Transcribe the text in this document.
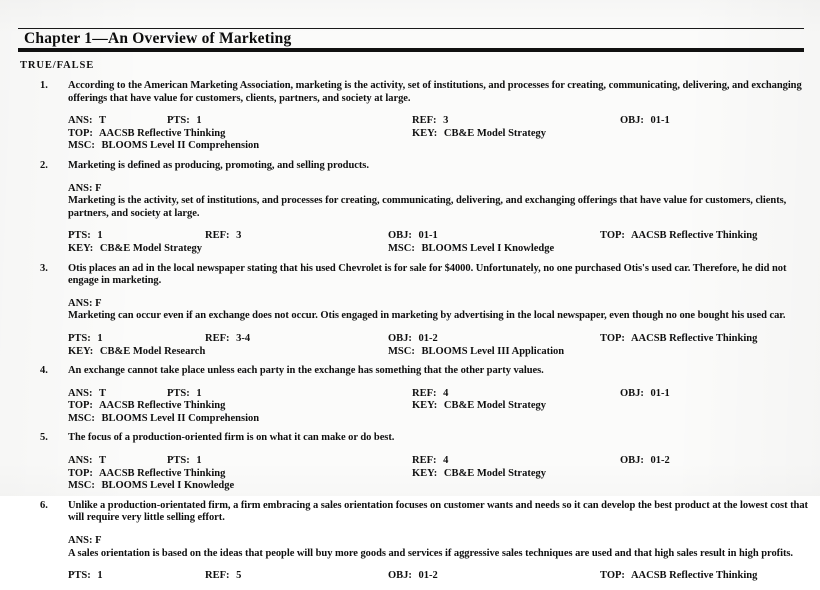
Chapter 1—An Overview of Marketing
TRUE/FALSE
1. According to the American Marketing Association, marketing is the activity, set of institutions, and processes for creating, communicating, delivering, and exchanging offerings that have value for customers, clients, partners, and society at large.
ANS: T	PTS: 1	REF: 3	OBJ: 01-1
TOP: AACSB Reflective Thinking	KEY: CB&E Model Strategy
MSC: BLOOMS Level II Comprehension
2. Marketing is defined as producing, promoting, and selling products.
ANS: F
Marketing is the activity, set of institutions, and processes for creating, communicating, delivering, and exchanging offerings that have value for customers, clients, partners, and society at large.
PTS: 1	REF: 3	OBJ: 01-1	TOP: AACSB Reflective Thinking
KEY: CB&E Model Strategy	MSC: BLOOMS Level I Knowledge
3. Otis places an ad in the local newspaper stating that his used Chevrolet is for sale for $4000. Unfortunately, no one purchased Otis's used car. Therefore, he did not engage in marketing.
ANS: F
Marketing can occur even if an exchange does not occur. Otis engaged in marketing by advertising in the local newspaper, even though no one bought his used car.
PTS: 1	REF: 3-4	OBJ: 01-2	TOP: AACSB Reflective Thinking
KEY: CB&E Model Research	MSC: BLOOMS Level III Application
4. An exchange cannot take place unless each party in the exchange has something that the other party values.
ANS: T	PTS: 1	REF: 4	OBJ: 01-1
TOP: AACSB Reflective Thinking	KEY: CB&E Model Strategy
MSC: BLOOMS Level II Comprehension
5. The focus of a production-oriented firm is on what it can make or do best.
ANS: T	PTS: 1	REF: 4	OBJ: 01-2
TOP: AACSB Reflective Thinking	KEY: CB&E Model Strategy
MSC: BLOOMS Level I Knowledge
6. Unlike a production-orientated firm, a firm embracing a sales orientation focuses on customer wants and needs so it can develop the best product at the lowest cost that will require very little selling effort.
ANS: F
A sales orientation is based on the ideas that people will buy more goods and services if aggressive sales techniques are used and that high sales result in high profits.
PTS: 1	REF: 5	OBJ: 01-2	TOP: AACSB Reflective Thinking
